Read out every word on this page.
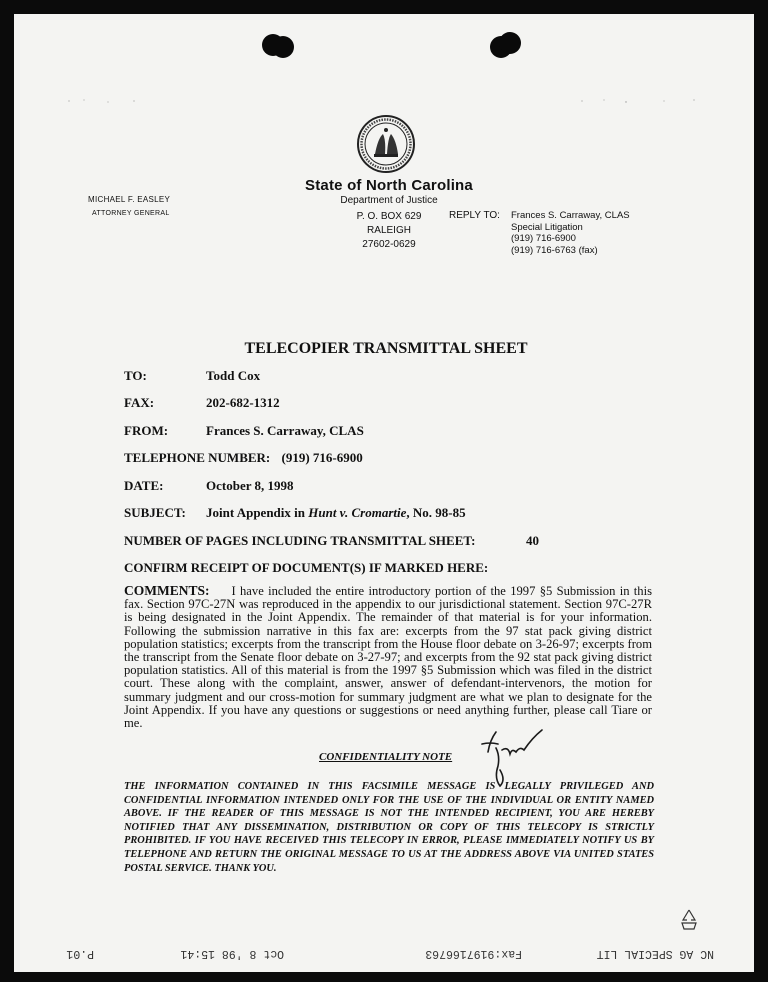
State of North Carolina
Department of Justice
P. O. BOX 629
RALEIGH
27602-0629
REPLY TO: Frances S. Carraway, CLAS
Special Litigation
(919) 716-6900
(919) 716-6763 (fax)
MICHAEL F. EASLEY
ATTORNEY GENERAL
TELECOPIER TRANSMITTAL SHEET
TO:	Todd Cox
FAX:	202-682-1312
FROM:	Frances S. Carraway, CLAS
TELEPHONE NUMBER: (919) 716-6900
DATE:	October 8, 1998
SUBJECT: Joint Appendix in Hunt v. Cromartie, No. 98-85
NUMBER OF PAGES INCLUDING TRANSMITTAL SHEET:	40
CONFIRM RECEIPT OF DOCUMENT(S) IF MARKED HERE:
COMMENTS: I have included the entire introductory portion of the 1997 §5 Submission in this fax. Section 97C-27N was reproduced in the appendix to our jurisdictional statement. Section 97C-27R is being designated in the Joint Appendix. The remainder of that material is for your information. Following the submission narrative in this fax are: excerpts from the 97 stat pack giving district population statistics; excerpts from the transcript from the House floor debate on 3-26-97; excerpts from the transcript from the Senate floor debate on 3-27-97; and excerpts from the 92 stat pack giving district population statistics. All of this material is from the 1997 §5 Submission which was filed in the district court. These along with the complaint, answer, answer of defendant-intervenors, the motion for summary judgment and our cross-motion for summary judgment are what we plan to designate for the Joint Appendix. If you have any questions or suggestions or need anything further, please call Tiare or me.
CONFIDENTIALITY NOTE
THE INFORMATION CONTAINED IN THIS FACSIMILE MESSAGE IS LEGALLY PRIVILEGED AND CONFIDENTIAL INFORMATION INTENDED ONLY FOR THE USE OF THE INDIVIDUAL OR ENTITY NAMED ABOVE. IF THE READER OF THIS MESSAGE IS NOT THE INTENDED RECIPIENT, YOU ARE HEREBY NOTIFIED THAT ANY DISSEMINATION, DISTRIBUTION OR COPY OF THIS TELECOPY IS STRICTLY PROHIBITED. IF YOU HAVE RECEIVED THIS TELECOPY IN ERROR, PLEASE IMMEDIATELY NOTIFY US BY TELEPHONE AND RETURN THE ORIGINAL MESSAGE TO US AT THE ADDRESS ABOVE VIA UNITED STATES POSTAL SERVICE. THANK YOU.
NC AG SPECIAL LIT
Fax:9197166763
Oct 8 '98 15:41
P.01
